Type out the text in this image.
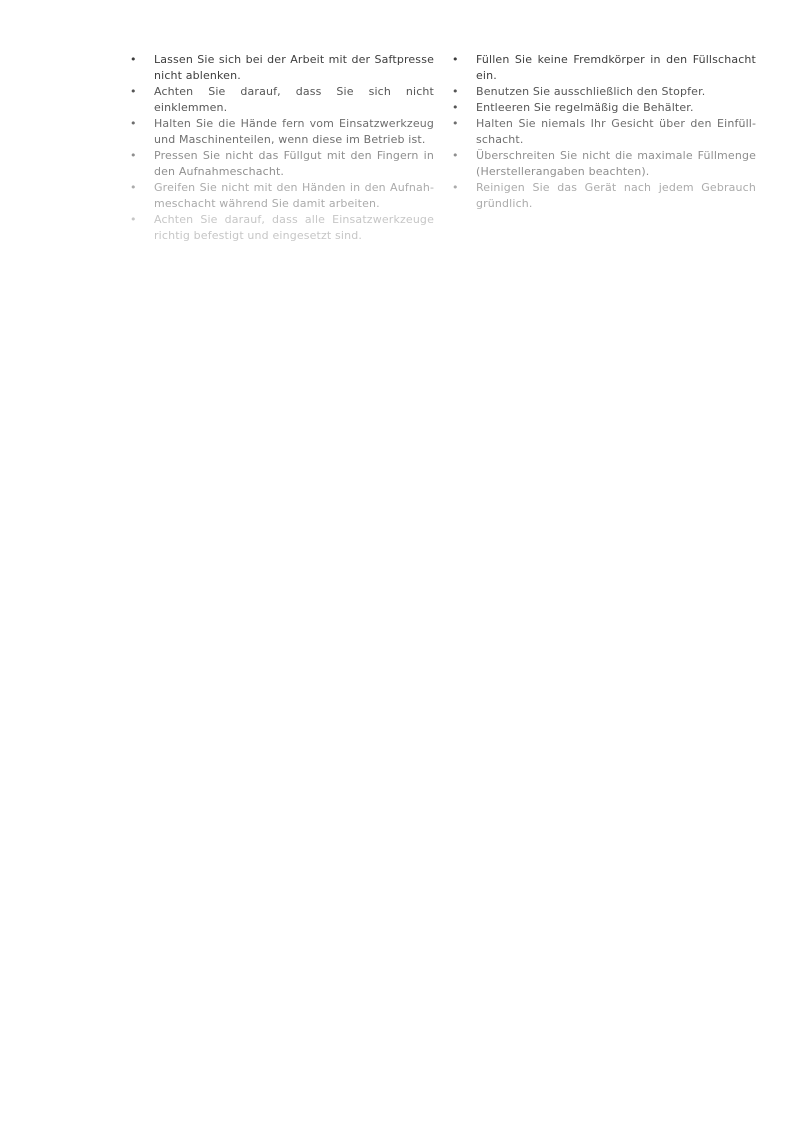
• Lassen Sie sich bei der Arbeit mit der Saftpresse nicht ablenken.
• Achten Sie darauf, dass Sie sich nicht einklemmen.
• Halten Sie die Hände fern vom Einsatzwerkzeug und Maschinenteilen, wenn diese im Betrieb ist.
• Pressen Sie nicht das Füllgut mit den Fingern in den Aufnahmeschacht.
• Greifen Sie nicht mit den Händen in den Aufnahmeschacht während Sie damit arbeiten.
• Achten Sie darauf, dass alle Einsatzwerkzeuge richtig befestigt und eingesetzt sind.
• Füllen Sie keine Fremdkörper in den Füllschacht ein.
• Benutzen Sie ausschließlich den Stopfer.
• Entleeren Sie regelmäßig die Behälter.
• Halten Sie niemals Ihr Gesicht über den Einfüllschacht.
• Überschreiten Sie nicht die maximale Füllmenge (Herstellerangaben beachten).
• Reinigen Sie das Gerät nach jedem Gebrauch gründlich.
